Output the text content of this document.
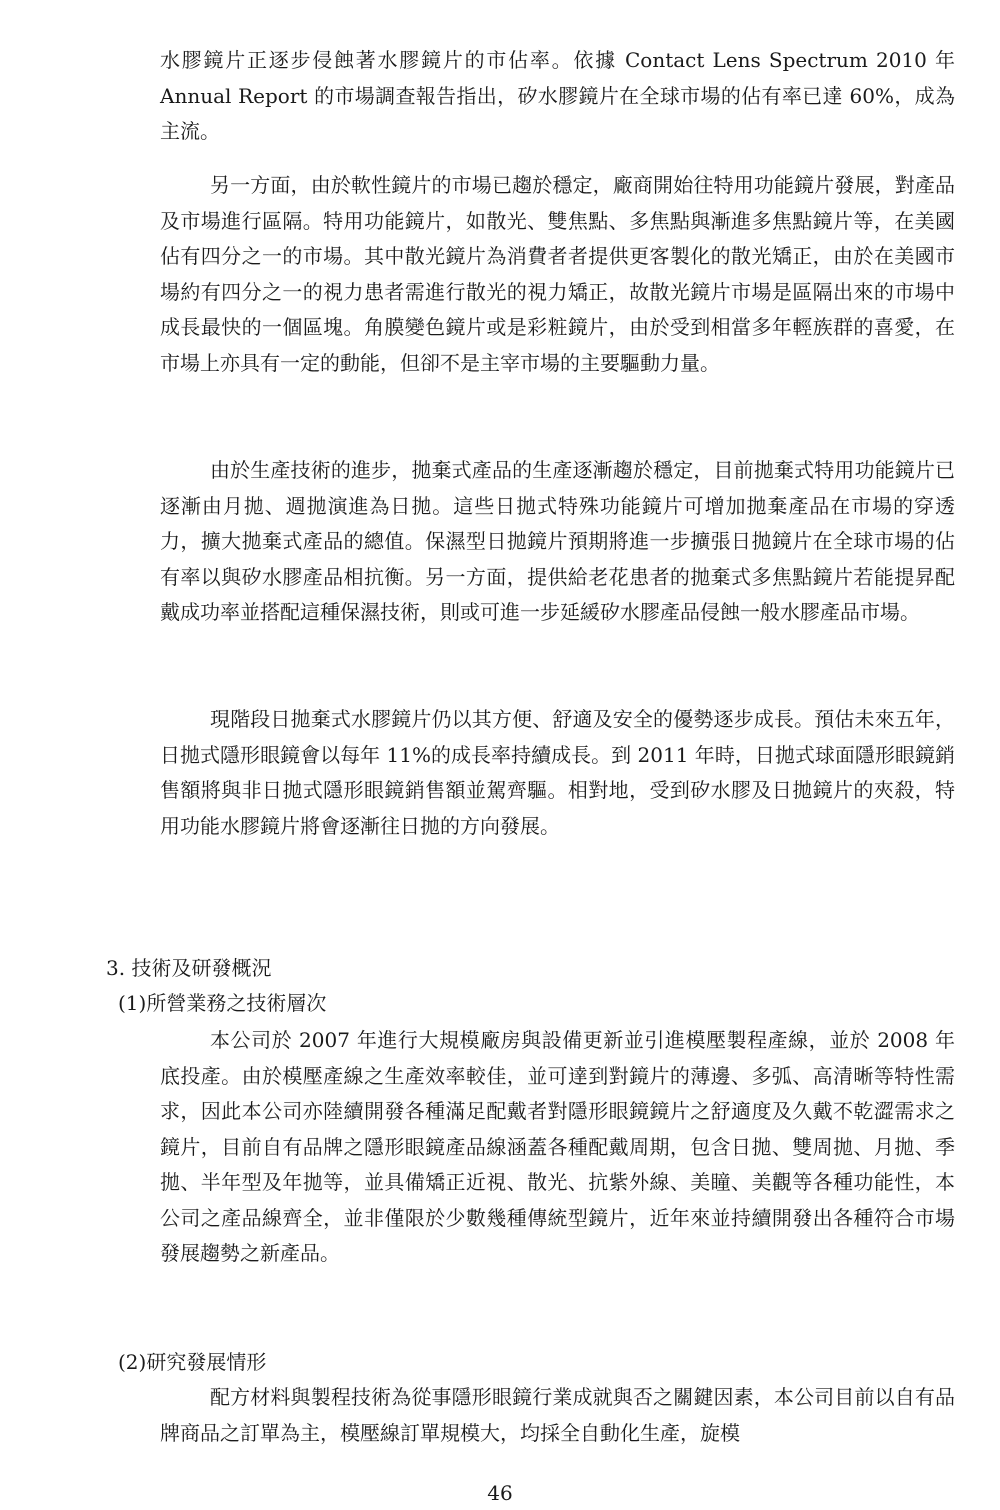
水膠鏡片正逐步侵蝕著水膠鏡片的市佔率。依據 Contact Lens Spectrum 2010 年 Annual Report 的市場調查報告指出，矽水膠鏡片在全球市場的佔有率已達 60%，成為主流。

另一方面，由於軟性鏡片的市場已趨於穩定，廠商開始往特用功能鏡片發展，對產品及市場進行區隔。特用功能鏡片，如散光、雙焦點、多焦點與漸進多焦點鏡片等，在美國佔有四分之一的市場。其中散光鏡片為消費者者提供更客製化的散光矯正，由於在美國市場約有四分之一的視力患者需進行散光的視力矯正，故散光鏡片市場是區隔出來的市場中成長最快的一個區塊。角膜變色鏡片或是彩粧鏡片，由於受到相當多年輕族群的喜愛，在市場上亦具有一定的動能，但卻不是主宰市場的主要驅動力量。

由於生產技術的進步，拋棄式產品的生產逐漸趨於穩定，目前拋棄式特用功能鏡片已逐漸由月拋、週拋演進為日拋。這些日拋式特殊功能鏡片可增加拋棄產品在市場的穿透力，擴大拋棄式產品的總值。保濕型日拋鏡片預期將進一步擴張日拋鏡片在全球市場的佔有率以與矽水膠產品相抗衡。另一方面，提供給老花患者的拋棄式多焦點鏡片若能提昇配戴成功率並搭配這種保濕技術，則或可進一步延緩矽水膠產品侵蝕一般水膠產品市場。

現階段日拋棄式水膠鏡片仍以其方便、舒適及安全的優勢逐步成長。預估未來五年，日拋式隱形眼鏡會以每年 11%的成長率持續成長。到 2011 年時，日拋式球面隱形眼鏡銷售額將與非日拋式隱形眼鏡銷售額並駕齊驅。相對地，受到矽水膠及日拋鏡片的夾殺，特用功能水膠鏡片將會逐漸往日拋的方向發展。

3. 技術及研發概況

(1)所營業務之技術層次

本公司於 2007 年進行大規模廠房與設備更新並引進模壓製程產線，並於 2008 年底投產。由於模壓產線之生產效率較佳，並可達到對鏡片的薄邊、多弧、高清晰等特性需求，因此本公司亦陸續開發各種滿足配戴者對隱形眼鏡鏡片之舒適度及久戴不乾澀需求之鏡片，目前自有品牌之隱形眼鏡產品線涵蓋各種配戴周期，包含日拋、雙周拋、月拋、季拋、半年型及年拋等，並具備矯正近視、散光、抗紫外線、美瞳、美觀等各種功能性，本公司之產品線齊全，並非僅限於少數幾種傳統型鏡片，近年來並持續開發出各種符合市場發展趨勢之新產品。

(2)研究發展情形

配方材料與製程技術為從事隱形眼鏡行業成就與否之關鍵因素，本公司目前以自有品牌商品之訂單為主，模壓線訂單規模大，均採全自動化生產，旋模

46
